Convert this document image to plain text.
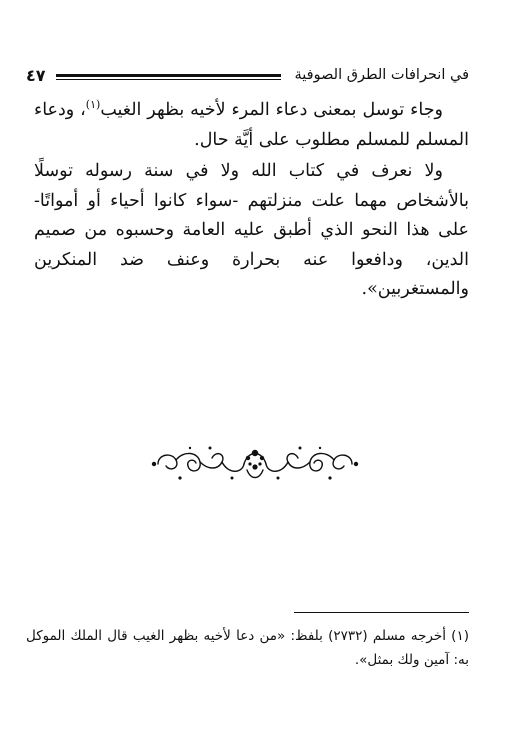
في انحرافات الطرق الصوفية
٤٧

وجاء توسل بمعنى دعاء المرء لأخيه بظهر الغيب$^{(١)}$، ودعاء المسلم للمسلم مطلوب على أيَّة حال.

ولا نعرف في كتاب الله ولا في سنة رسوله توسلًا بالأشخاص مهما علت منزلتهم -سواء كانوا أحياء أو أمواتًا- على هذا النحو الذي أطبق عليه العامة وحسبوه من صميم الدين، ودافعوا عنه بحرارة وعنف ضد المنكرين والمستغربين».

(١) أخرجه مسلم (٢٧٣٢) بلفظ: «من دعا لأخيه بظهر الغيب قال الملك الموكل به: آمين ولك بمثل».
